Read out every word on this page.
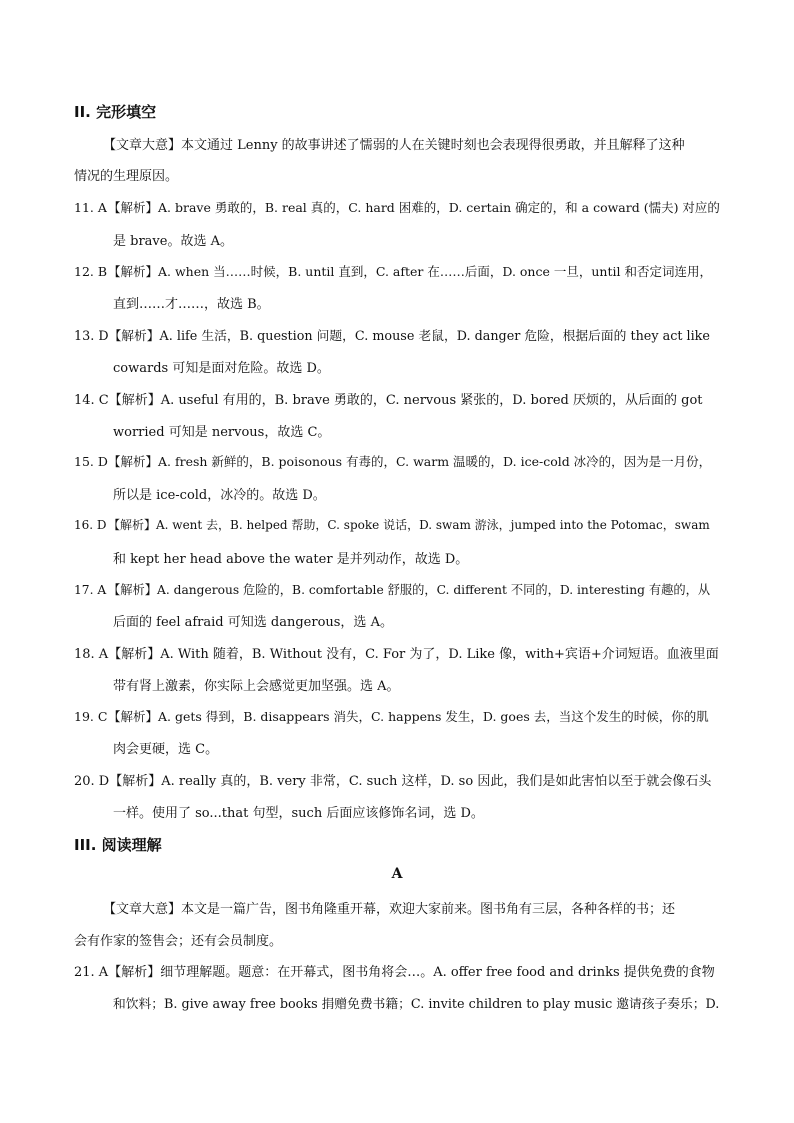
II. 完形填空
【文章大意】本文通过 Lenny 的故事讲述了懦弱的人在关键时刻也会表现得很勇敢，并且解释了这种
情况的生理原因。
11. A【解析】A. brave 勇敢的，B. real 真的，C. hard 困难的，D. certain 确定的，和 a coward (懦夫) 对应的
是 brave。故选 A。
12. B【解析】A. when 当……时候，B. until 直到，C. after 在……后面，D. once 一旦，until 和否定词连用，
直到……才……，故选 B。
13. D【解析】A. life 生活，B. question 问题，C. mouse 老鼠，D. danger 危险，根据后面的 they act like
cowards 可知是面对危险。故选 D。
14. C【解析】A. useful 有用的，B. brave 勇敢的，C. nervous 紧张的，D. bored 厌烦的，从后面的 got
worried 可知是 nervous，故选 C。
15. D【解析】A. fresh 新鲜的，B. poisonous 有毒的，C. warm 温暖的，D. ice-cold 冰冷的，因为是一月份，
所以是 ice-cold，冰冷的。故选 D。
16. D【解析】A. went 去，B. helped 帮助，C. spoke 说话，D. swam 游泳，jumped into the Potomac，swam
和 kept her head above the water 是并列动作，故选 D。
17. A 【解析】A. dangerous 危险的，B. comfortable 舒服的，C. different 不同的，D. interesting 有趣的，从
后面的 feel afraid 可知选 dangerous，选 A。
18. A【解析】A. With 随着，B. Without 没有，C. For 为了，D. Like 像，with+宾语+介词短语。血液里面
带有肾上激素，你实际上会感觉更加坚强。选 A。
19. C【解析】A. gets 得到，B. disappears 消失，C. happens 发生，D. goes 去，当这个发生的时候，你的肌
肉会更硬，选 C。
20. D【解析】A. really 真的，B. very 非常，C. such 这样，D. so 因此，我们是如此害怕以至于就会像石头
一样。使用了 so...that 句型，such 后面应该修饰名词，选 D。
III. 阅读理解
A
【文章大意】本文是一篇广告，图书角隆重开幕，欢迎大家前来。图书角有三层，各种各样的书；还
会有作家的签售会；还有会员制度。
21. A【解析】细节理解题。题意：在开幕式，图书角将会…。A. offer free food and drinks 提供免费的食物
和饮料；B. give away free books 捐赠免费书籍；C. invite children to play music 邀请孩子奏乐；D.
